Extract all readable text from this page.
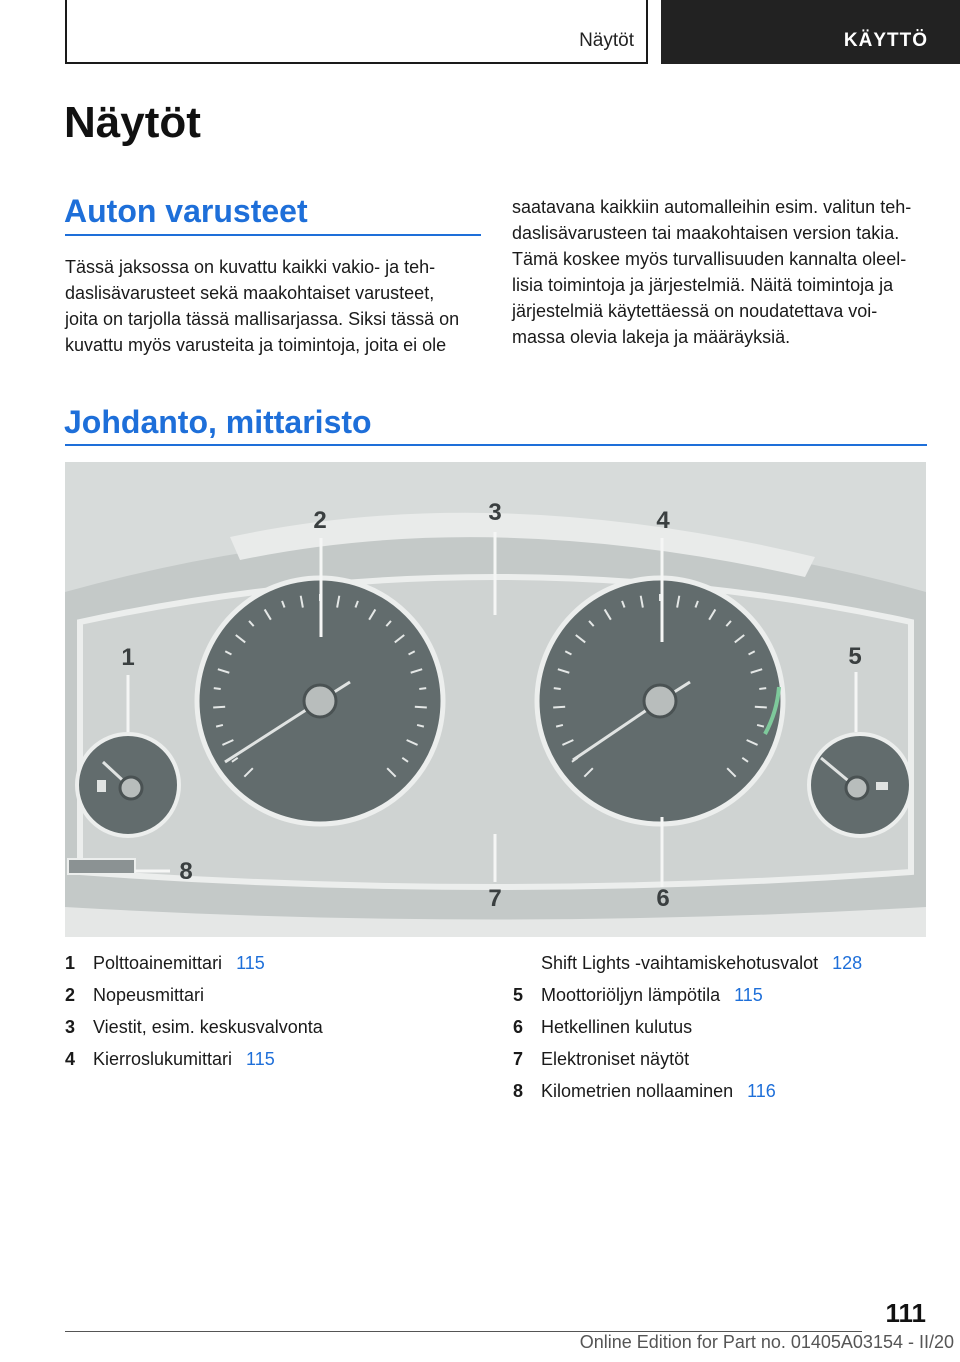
Näytöt	KÄYTTÖ
Näytöt
Auton varusteet
Tässä jaksossa on kuvattu kaikki vakio- ja teh-
daslisävarusteet sekä maakohtaiset varusteet,
joita on tarjolla tässä mallisarjassa. Siksi tässä on
kuvattu myös varusteita ja toimintoja, joita ei ole
saatavana kaikkiin automalleihin esim. valitun teh-
daslisävarusteen tai maakohtaisen version takia.
Tämä koskee myös turvallisuuden kannalta oleel-
lisia toimintoja ja järjestelmiä. Näitä toimintoja ja
järjestelmiä käytettäessä on noudatettava voi-
massa olevia lakeja ja määräyksiä.
Johdanto, mittaristo
1
2	3	4
5
6
7
8
1 Polttoainemittari 115
2 Nopeusmittari
3 Viestit, esim. keskusvalvonta
4 Kierroslukumittari 115
Shift Lights -vaihtamiskehotusvalot 128
5 Moottoriöljyn lämpötila 115
6 Hetkellinen kulutus
7 Elektroniset näytöt
8 Kilometrien nollaaminen 116
111
Online Edition for Part no. 01405A03154 - II/20
